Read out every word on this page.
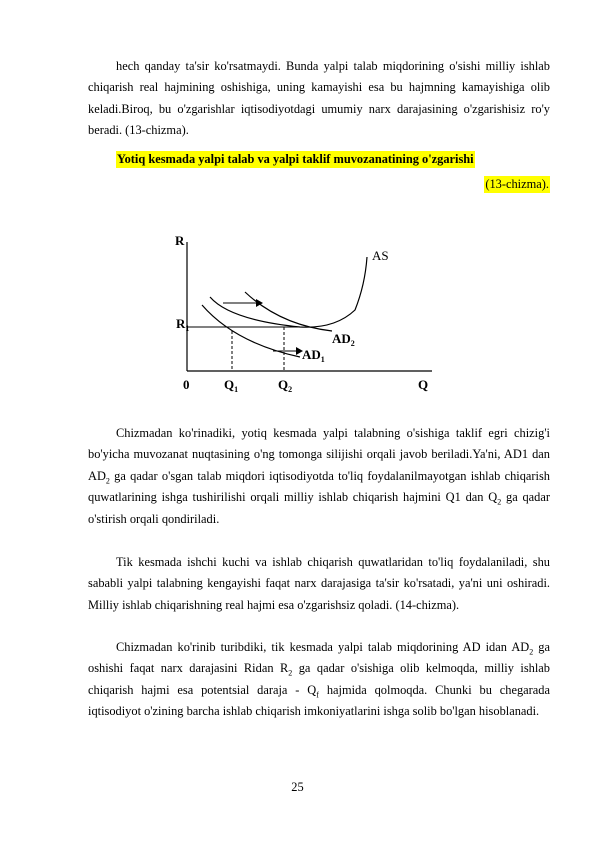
hech qanday ta'sir ko'rsatmaydi. Bunda yalpi talab miqdorining o'sishi milliy ishlab chiqarish real hajmining oshishiga, uning kamayishi esa bu hajmning kamayishiga olib keladi.Biroq, bu o'zgarishlar iqtisodiyotdagi umumiy narx darajasining o'zgarishisiz ro'y beradi. (13-chizma).

Yotiq kesmada yalpi talab va yalpi taklif muvozanatining o'zgarishi

(13-chizma).

R
$R_1$
0	$Q_1$	$Q_2$	Q
AS
$AD_2$
$AD_1$

Chizmadan ko'rinadiki, yotiq kesmada yalpi talabning o'sishiga taklif egri chizig'i bo'yicha muvozanat nuqtasining o'ng tomonga silijishi orqali javob beriladi.Ya'ni, AD1 dan $AD_2$ ga qadar o'sgan talab miqdori iqtisodiyotda to'liq foydalanilmayotgan ishlab chiqarish quwatlarining ishga tushirilishi orqali milliy ishlab chiqarish hajmini Q1 dan $Q_2$ ga qadar o'stirish orqali qondiriladi.

Tik kesmada ishchi kuchi va ishlab chiqarish quwatlaridan to'liq foydalaniladi, shu sababli yalpi talabning kengayishi faqat narx darajasiga ta'sir ko'rsatadi, ya'ni uni oshiradi. Milliy ishlab chiqarishning real hajmi esa o'zgarishsiz qoladi. (14-chizma).

Chizmadan ko'rinib turibdiki, tik kesmada yalpi talab miqdorining AD idan $AD_2$ ga oshishi faqat narx darajasini Ridan $R_2$ ga qadar o'sishiga olib kelmoqda, milliy ishlab chiqarish hajmi esa potentsial daraja - $Q_f$ hajmida qolmoqda. Chunki bu chegarada iqtisodiyot o'zining barcha ishlab chiqarish imkoniyatlarini ishga solib bo'lgan hisoblanadi.

25
